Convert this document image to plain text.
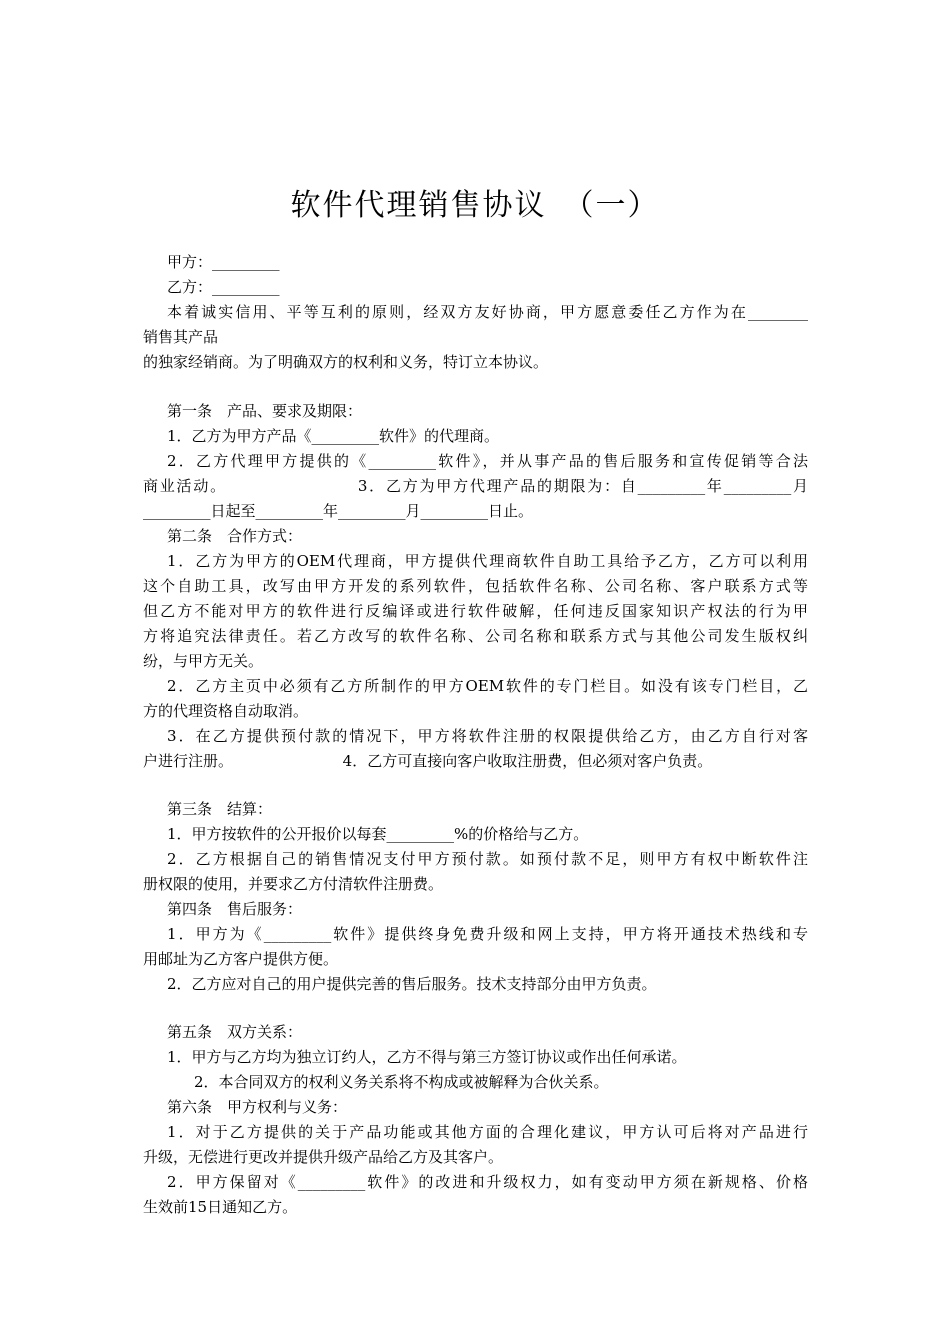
软件代理销售协议　（一）
甲方：_________
乙方：_________
本着诚实信用、平等互利的原则，经双方友好协商，甲方愿意委任乙方作为在________
销售其产品
的独家经销商。为了明确双方的权利和义务，特订立本协议。
第一条　产品、要求及期限：
1．乙方为甲方产品《_________软件》的代理商。
2．乙方代理甲方提供的《_________软件》，并从事产品的售后服务和宣传促销等合法
商业活动。                    3．乙方为甲方代理产品的期限为：自_________年_________月
_________日起至_________年_________月_________日止。
第二条　合作方式：
1．乙方为甲方的OEM代理商，甲方提供代理商软件自助工具给予乙方，乙方可以利用
这个自助工具，改写由甲方开发的系列软件，包括软件名称、公司名称、客户联系方式等
但乙方不能对甲方的软件进行反编译或进行软件破解，任何违反国家知识产权法的行为甲
方将追究法律责任。若乙方改写的软件名称、公司名称和联系方式与其他公司发生版权纠
纷，与甲方无关。
2．乙方主页中必须有乙方所制作的甲方OEM软件的专门栏目。如没有该专门栏目，乙
方的代理资格自动取消。
3．在乙方提供预付款的情况下，甲方将软件注册的权限提供给乙方，由乙方自行对客
户进行注册。                       4．乙方可直接向客户收取注册费，但必须对客户负责。
第三条　结算：
1．甲方按软件的公开报价以每套_________%的价格给与乙方。
2．乙方根据自己的销售情况支付甲方预付款。如预付款不足，则甲方有权中断软件注
册权限的使用，并要求乙方付清软件注册费。
第四条　售后服务：
1．甲方为《_________软件》提供终身免费升级和网上支持，甲方将开通技术热线和专
用邮址为乙方客户提供方便。
2．乙方应对自己的用户提供完善的售后服务。技术支持部分由甲方负责。
第五条　双方关系：
1．甲方与乙方均为独立订约人，乙方不得与第三方签订协议或作出任何承诺。
2．本合同双方的权利义务关系将不构成或被解释为合伙关系。
第六条　甲方权利与义务：
1．对于乙方提供的关于产品功能或其他方面的合理化建议，甲方认可后将对产品进行
升级，无偿进行更改并提供升级产品给乙方及其客户。
2．甲方保留对《_________软件》的改进和升级权力，如有变动甲方须在新规格、价格
生效前15日通知乙方。
